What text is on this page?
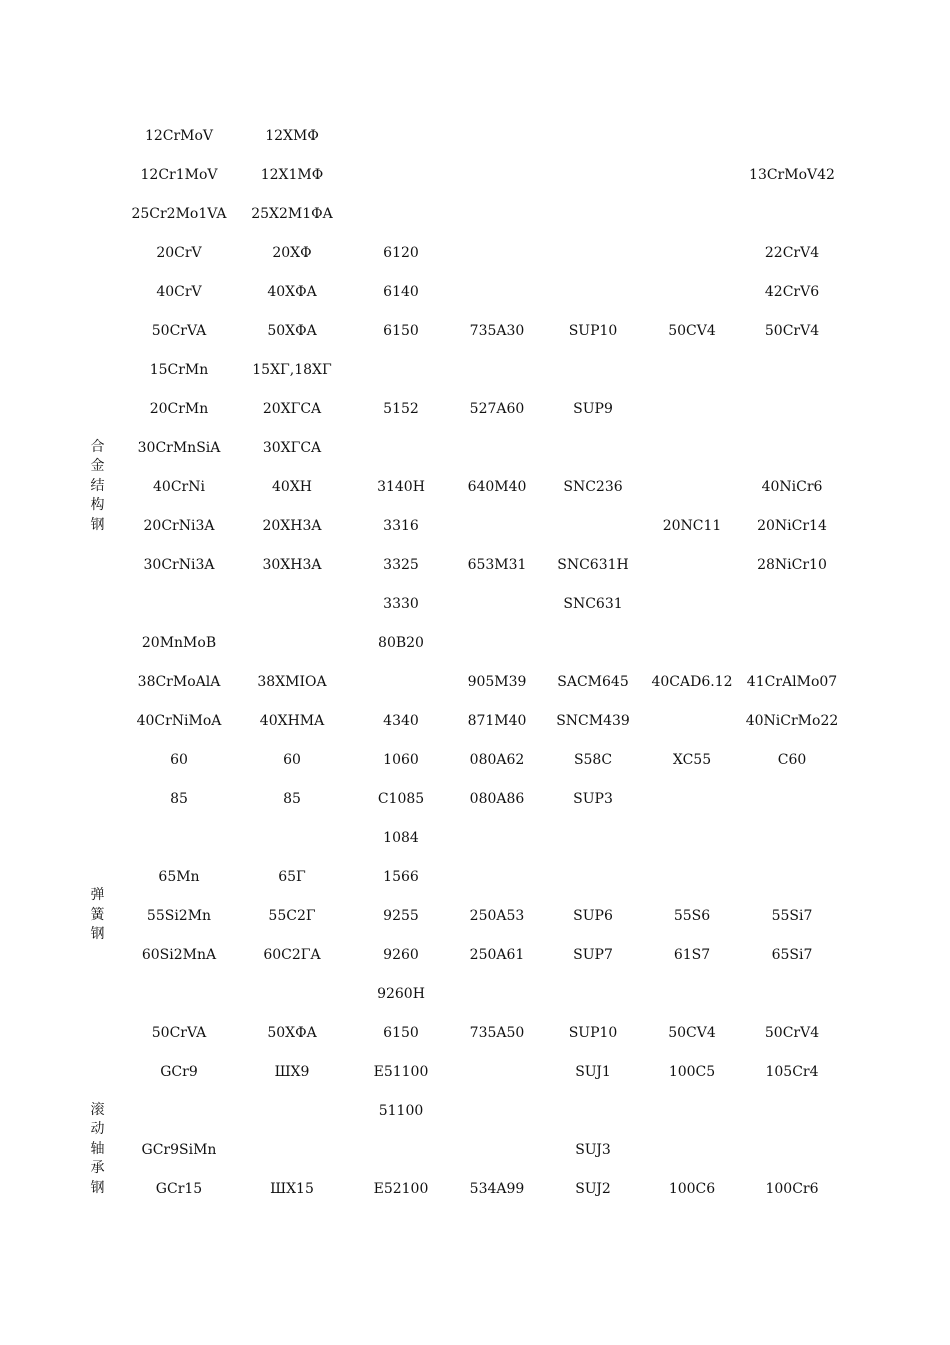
	12CrMoV	12XMΦ					
	12Cr1MoV	12X1MΦ					13CrMoV42
	25Cr2Mo1VA	25X2M1ΦA					
	20CrV	20XΦ	6120				22CrV4
	40CrV	40XΦA	6140				42CrV6
	50CrVA	50XΦA	6150	735A30	SUP10	50CV4	50CrV4
合金结构钢	15CrMn	15XΓ,18XΓ					
	20CrMn	20XΓCA	5152	527A60	SUP9		
	30CrMnSiA	30XΓCA					
	40CrNi	40XH	3140H	640M40	SNC236		40NiCr6
	20CrNi3A	20XH3A	3316			20NC11	20NiCr14
	30CrNi3A	30XH3A	3325	653M31	SNC631H		28NiCr10
			3330		SNC631		
	20MnMoB		80B20				
	38CrMoAlA	38XMIOA		905M39	SACM645	40CAD6.12	41CrAlMo07
	40CrNiMoA	40XHMA	4340	871M40	SNCM439		40NiCrMo22
	60	60	1060	080A62	S58C	XC55	C60
	85	85	C1085	080A86	SUP3		
			1084				
弹簧钢	65Mn	65Γ	1566				
	55Si2Mn	55C2Γ	9255	250A53	SUP6	55S6	55Si7
	60Si2MnA	60C2ΓA	9260	250A61	SUP7	61S7	65Si7
			9260H				
	50CrVA	50XΦA	6150	735A50	SUP10	50CV4	50CrV4
	GCr9	ШX9	E51100		SUJ1	100C5	105Cr4
滚动轴承钢			51100				
	GCr9SiMn				SUJ3		
	GCr15	ШX15	E52100	534A99	SUJ2	100C6	100Cr6
